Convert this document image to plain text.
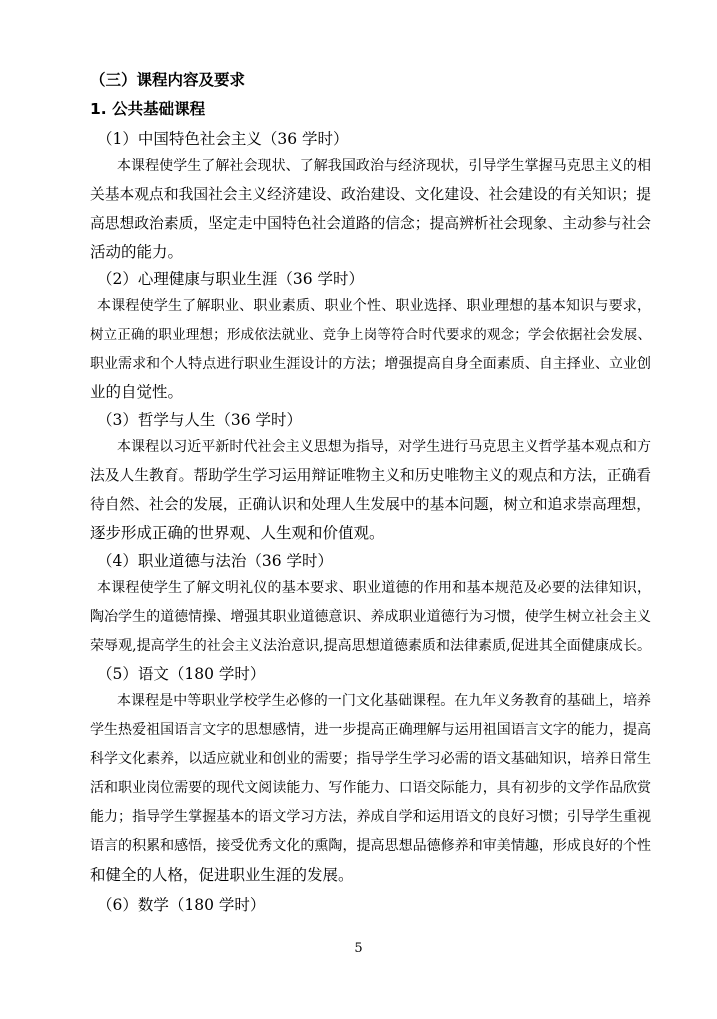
（三）课程内容及要求
1. 公共基础课程
（1）中国特色社会主义（36 学时）
本课程使学生了解社会现状、了解我国政治与经济现状，引导学生掌握马克思主义的相
关基本观点和我国社会主义经济建设、政治建设、文化建设、社会建设的有关知识；提
高思想政治素质，坚定走中国特色社会道路的信念；提高辨析社会现象、主动参与社会
活动的能力。
（2）心理健康与职业生涯（36 学时）
本课程使学生了解职业、职业素质、职业个性、职业选择、职业理想的基本知识与要求，
树立正确的职业理想；形成依法就业、竞争上岗等符合时代要求的观念；学会依据社会发展、
职业需求和个人特点进行职业生涯设计的方法；增强提高自身全面素质、自主择业、立业创
业的自觉性。
（3）哲学与人生（36 学时）
本课程以习近平新时代社会主义思想为指导，对学生进行马克思主义哲学基本观点和方
法及人生教育。帮助学生学习运用辩证唯物主义和历史唯物主义的观点和方法，正确看
待自然、社会的发展，正确认识和处理人生发展中的基本问题，树立和追求崇高理想，
逐步形成正确的世界观、人生观和价值观。
（4）职业道德与法治（36 学时）
本课程使学生了解文明礼仪的基本要求、职业道德的作用和基本规范及必要的法律知识，
陶冶学生的道德情操、增强其职业道德意识、养成职业道德行为习惯，使学生树立社会主义
荣辱观,提高学生的社会主义法治意识,提高思想道德素质和法律素质,促进其全面健康成长。
（5）语文（180 学时）
本课程是中等职业学校学生必修的一门文化基础课程。在九年义务教育的基础上，培养
学生热爱祖国语言文字的思想感情，进一步提高正确理解与运用祖国语言文字的能力，提高
科学文化素养，以适应就业和创业的需要；指导学生学习必需的语文基础知识，培养日常生
活和职业岗位需要的现代文阅读能力、写作能力、口语交际能力，具有初步的文学作品欣赏
能力；指导学生掌握基本的语文学习方法，养成自学和运用语文的良好习惯；引导学生重视
语言的积累和感悟，接受优秀文化的熏陶，提高思想品德修养和审美情趣，形成良好的个性
和健全的人格，促进职业生涯的发展。
（6）数学（180 学时）
5
